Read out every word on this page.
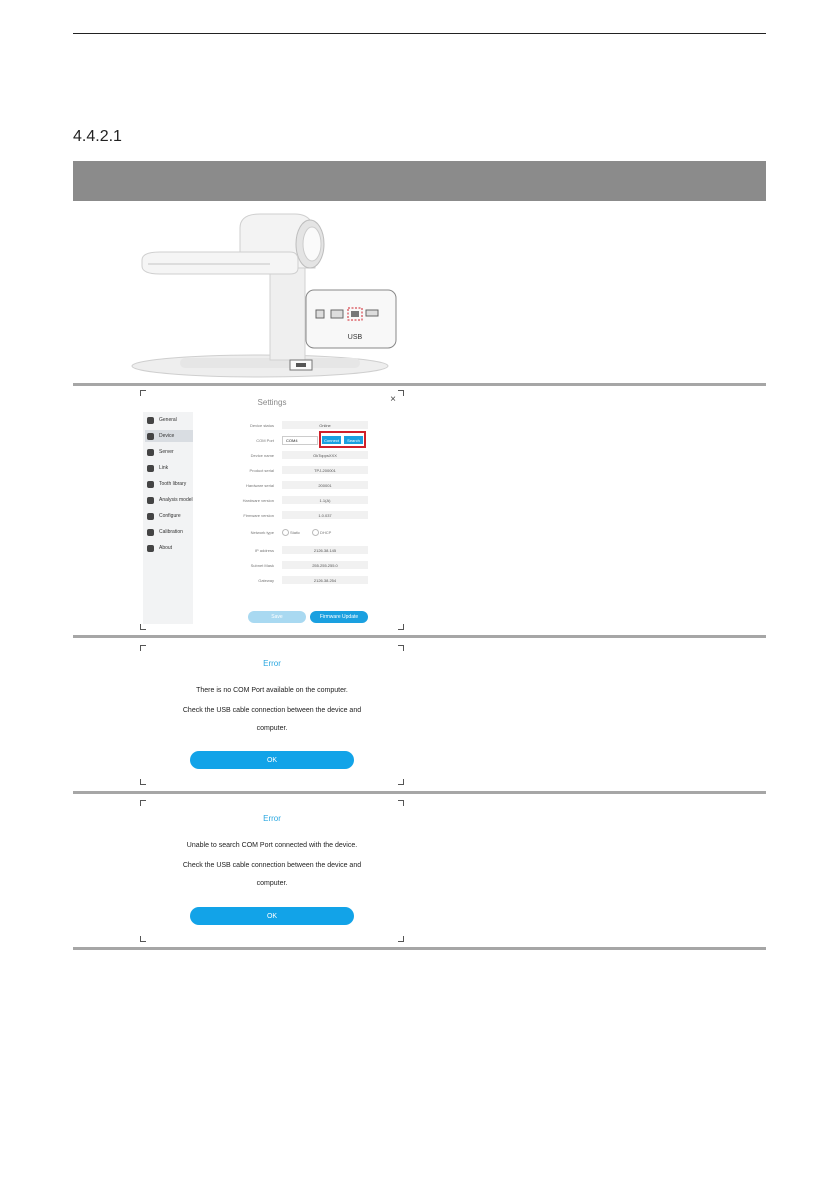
4.4.2.1
USB
Settings	×
General
Device
Server
Link
Tooth library
Analysis model
Configure
Calibration
About
Device status	Online
COM Port	COM4	Connect	Search
Device name	OkToppsXXX
Product serial	TPJ-200001
Hardware serial	200001
Hardware version	1.1(A)
Firmware version	1.0.037
Network type	Static	DHCP
IP address	2126.38.145
Subnet Mask	255.255.255.0
Gateway	2126.38.254
Save	Firmware Update
Error
There is no COM Port available on the computer.
Check the USB cable connection between the device and
computer.
OK
Error
Unable to search COM Port connected with the device.
Check the USB cable connection between the device and
computer.
OK
